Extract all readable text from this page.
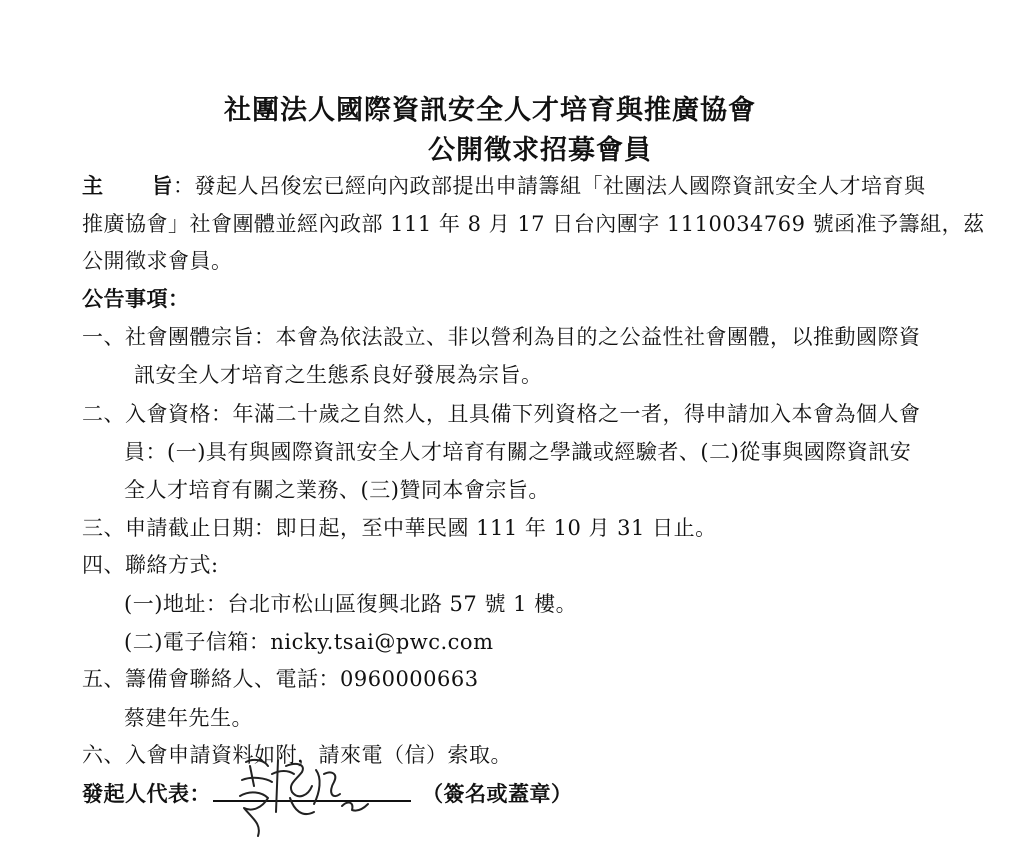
社團法人國際資訊安全人才培育與推廣協會
公開徵求招募會員
主 旨：發起人呂俊宏已經向內政部提出申請籌組「社團法人國際資訊安全人才培育與
推廣協會」社會團體並經內政部 111 年 8 月 17 日台內團字 1110034769 號函准予籌組，茲
公開徵求會員。
公告事項：
一、社會團體宗旨：本會為依法設立、非以營利為目的之公益性社會團體，以推動國際資
訊安全人才培育之生態系良好發展為宗旨。
二、入會資格：年滿二十歲之自然人，且具備下列資格之一者，得申請加入本會為個人會
員：(一)具有與國際資訊安全人才培育有關之學識或經驗者、(二)從事與國際資訊安
全人才培育有關之業務、(三)贊同本會宗旨。
三、申請截止日期：即日起，至中華民國 111 年 10 月 31 日止。
四、聯絡方式:
(一)地址：台北市松山區復興北路 57 號 1 樓。
(二)電子信箱：nicky.tsai@pwc.com
五、籌備會聯絡人、電話：0960000663
蔡建年先生。
六、入會申請資料如附，請來電（信）索取。
發起人代表：	（簽名或蓋章）
